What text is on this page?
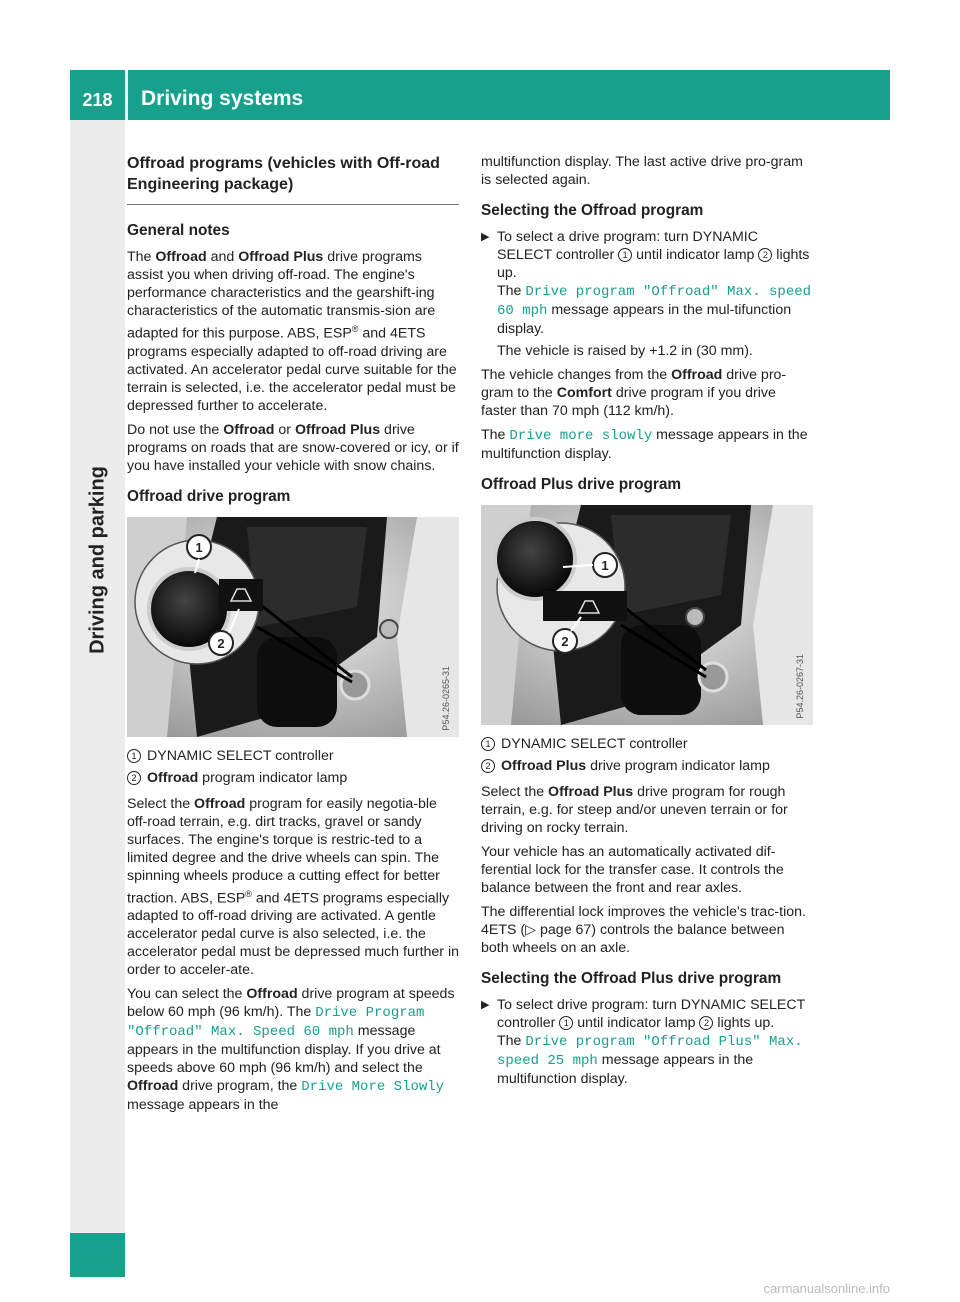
218	Driving systems
Driving and parking
Offroad programs (vehicles with Off-road Engineering package)
General notes

The Offroad and Offroad Plus drive programs assist you when driving off-road. The engine's performance characteristics and the gearshift-ing characteristics of the automatic transmis-sion are adapted for this purpose. ABS, ESP® and 4ETS programs especially adapted to off-road driving are activated. An accelerator pedal curve suitable for the terrain is selected, i.e. the accelerator pedal must be depressed further to accelerate.

Do not use the Offroad or Offroad Plus drive programs on roads that are snow-covered or icy, or if you have installed your vehicle with snow chains.

Offroad drive program
1
2
P54.26-0265-31
1 DYNAMIC SELECT controller
2 Offroad program indicator lamp

Select the Offroad program for easily negotia-ble off-road terrain, e.g. dirt tracks, gravel or sandy surfaces. The engine's torque is restric-ted to a limited degree and the drive wheels can spin. The spinning wheels produce a cutting effect for better traction. ABS, ESP® and 4ETS programs especially adapted to off-road driving are activated. A gentle accelerator pedal curve is also selected, i.e. the accelerator pedal must be depressed much further in order to acceler-ate.

You can select the Offroad drive program at speeds below 60 mph (96 km/h). The Drive Program "Offroad" Max. Speed 60 mph message appears in the multifunction display. If you drive at speeds above 60 mph (96 km/h) and select the Offroad drive program, the Drive More Slowly message appears in the

multifunction display. The last active drive pro-gram is selected again.

Selecting the Offroad program
▶ To select a drive program: turn DYNAMIC SELECT controller 1 until indicator lamp 2 lights up.
The Drive program "Offroad" Max. speed 60 mph message appears in the mul-tifunction display.

The vehicle is raised by +1.2 in (30 mm).

The vehicle changes from the Offroad drive pro-gram to the Comfort drive program if you drive faster than 70 mph (112 km/h).

The Drive more slowly message appears in the multifunction display.

Offroad Plus drive program
1
2
P54.26-0267-31
1 DYNAMIC SELECT controller
2 Offroad Plus drive program indicator lamp

Select the Offroad Plus drive program for rough terrain, e.g. for steep and/or uneven terrain or for driving on rocky terrain.

Your vehicle has an automatically activated dif-ferential lock for the transfer case. It controls the balance between the front and rear axles.

The differential lock improves the vehicle's trac-tion. 4ETS (▷ page 67) controls the balance between both wheels on an axle.

Selecting the Offroad Plus drive program
▶ To select drive program: turn DYNAMIC SELECT controller 1 until indicator lamp 2 lights up.
The Drive program "Offroad Plus" Max. speed 25 mph message appears in the multifunction display.

carmanualsonline.info
